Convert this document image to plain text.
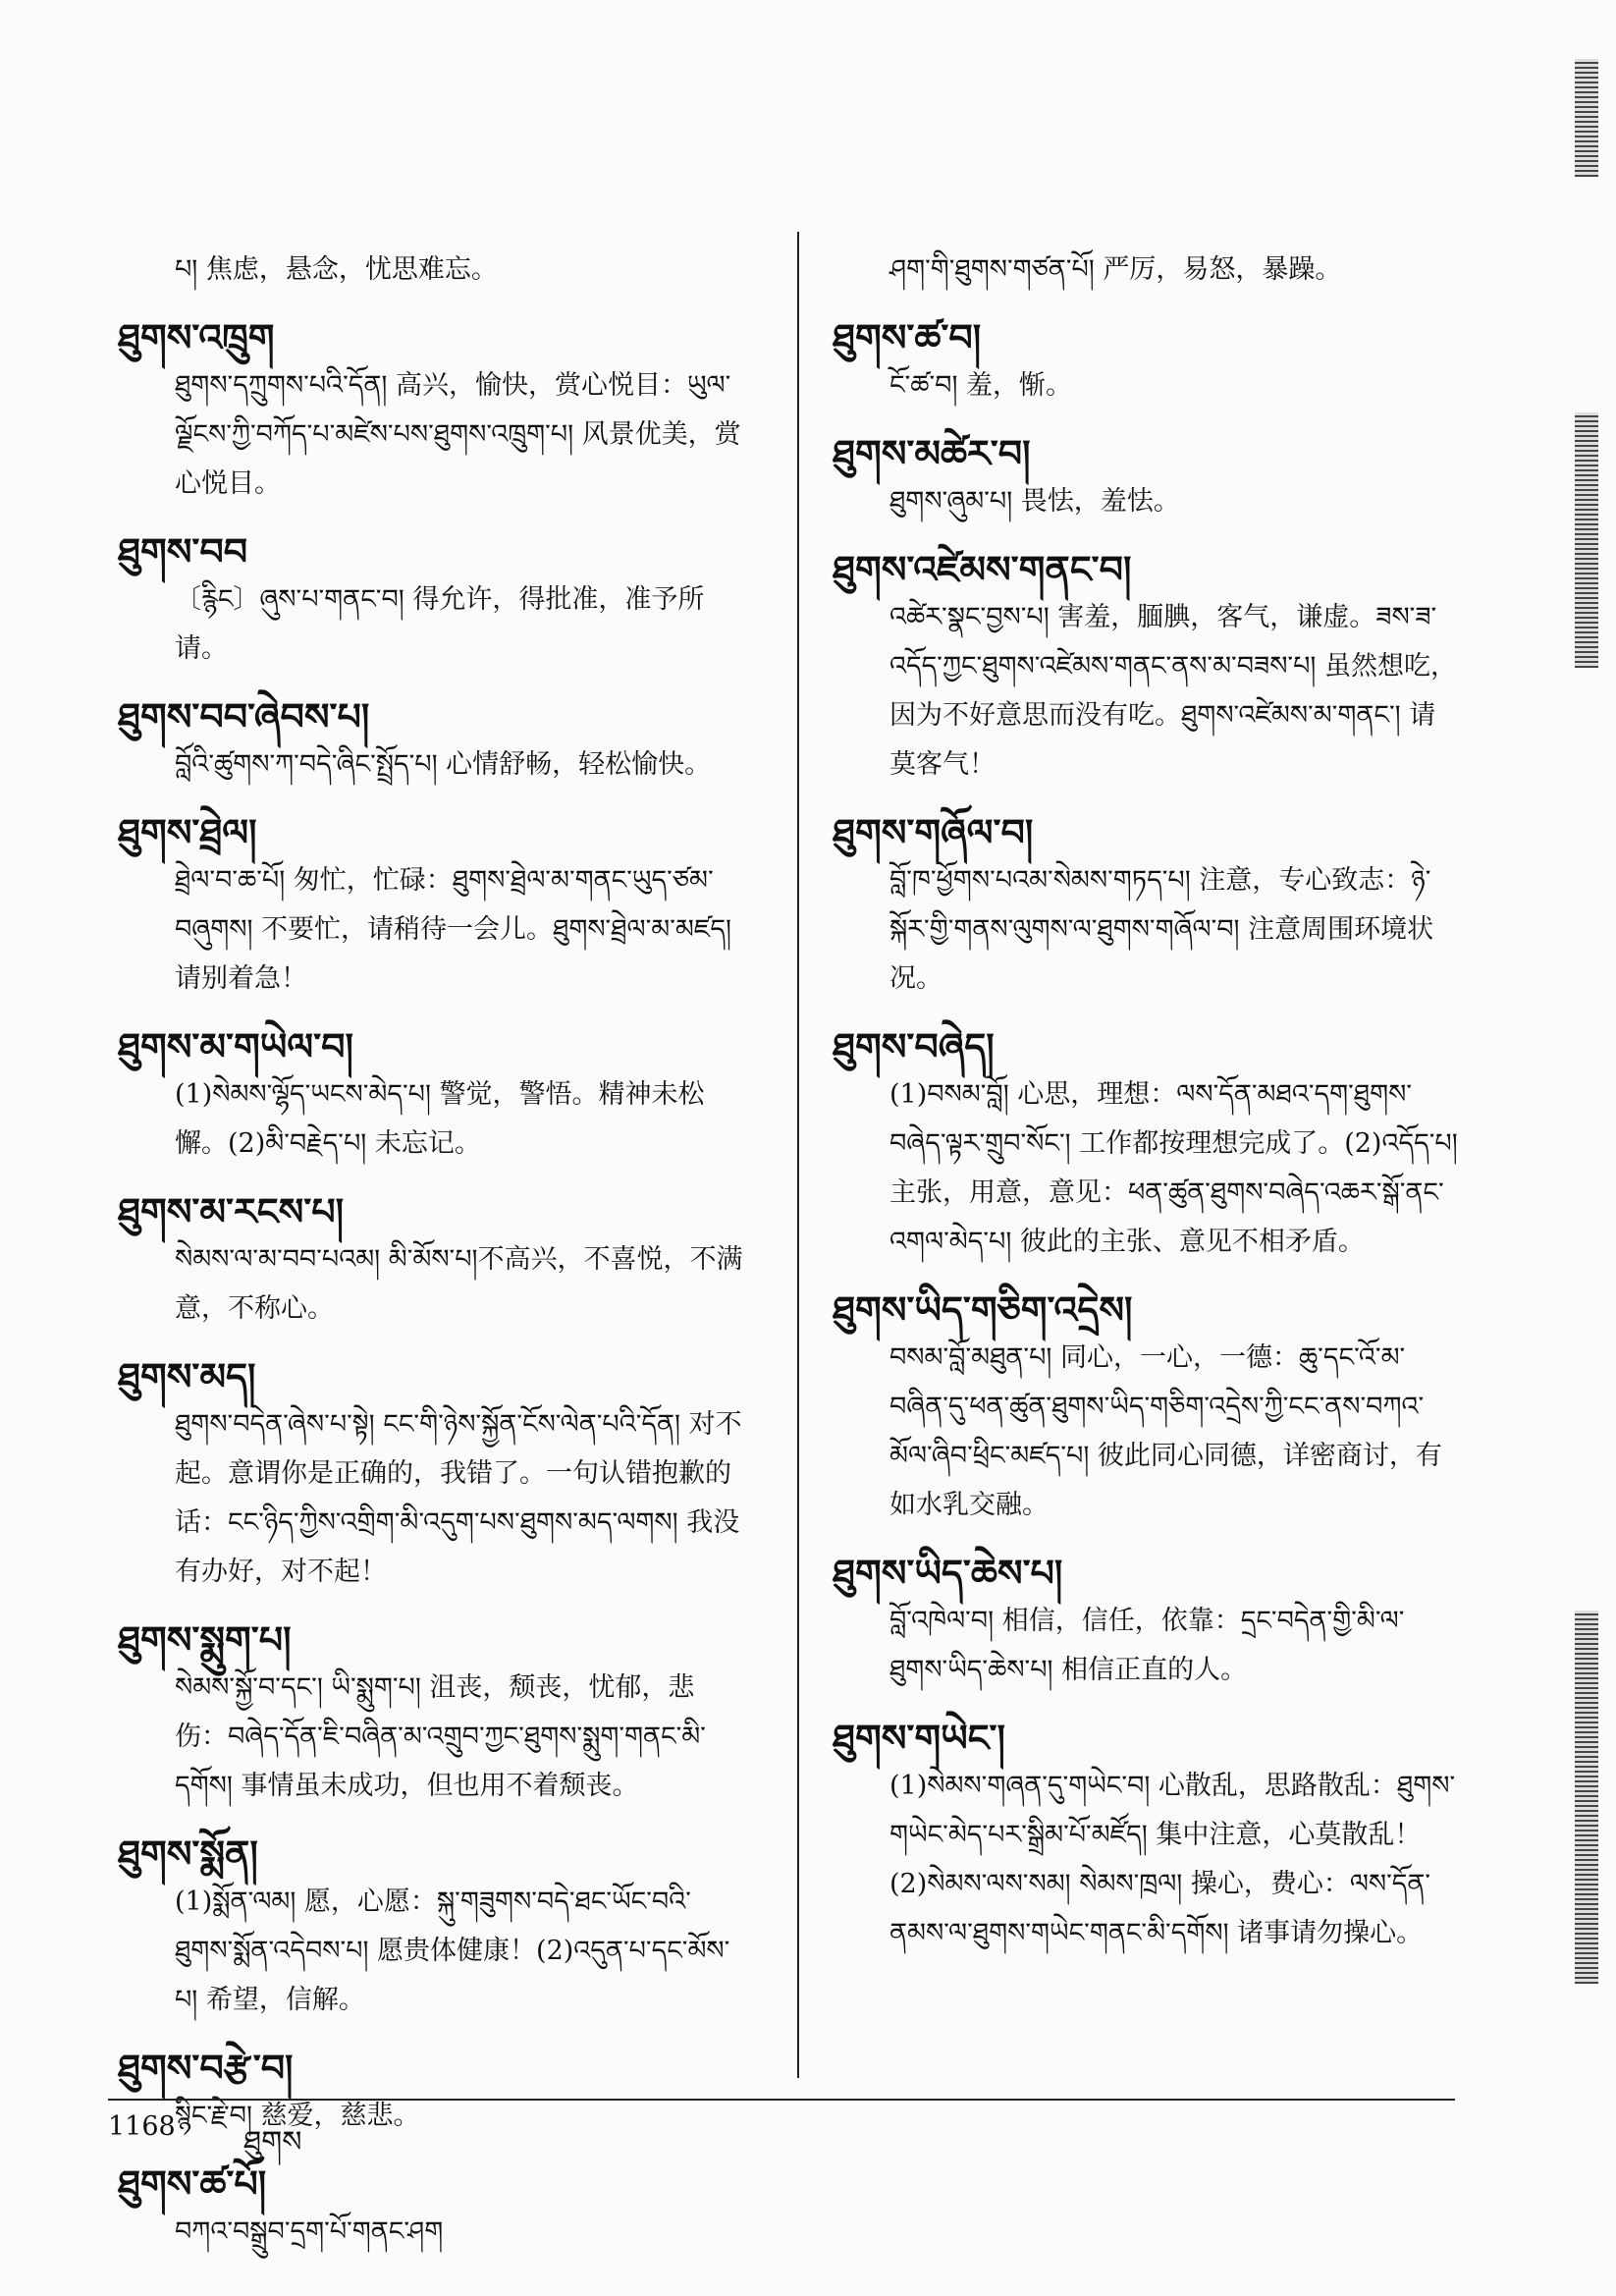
པ། 焦虑，悬念，忧思难忘。
ཐུགས་འཁྲུག
ཐུགས་དཀྲུགས་པའི་དོན། 高兴，愉快，赏心悦目：ཡུལ་ལྗོངས་ཀྱི་བཀོད་པ་མཛེས་པས་ཐུགས་འཁྲུག་པ། 风景优美，赏心悦目。
ཐུགས་བབ
〔རྙིང〕ཞུས་པ་གནང་བ། 得允许，得批准，准予所请。
ཐུགས་བབ་ཞེབས་པ།
བློའི་ཚུགས་ཀ་བདེ་ཞིང་སྤྲོད་པ། 心情舒畅，轻松愉快。
ཐུགས་ཐྲེལ།
ཐྲེལ་བ་ཆ་པོ། 匆忙，忙碌：ཐུགས་ཐྲེལ་མ་གནང་ཡུད་ཙམ་བཞུགས། 不要忙，请稍待一会儿。ཐུགས་ཐྲེལ་མ་མཛད། 请别着急！
ཐུགས་མ་གཡེལ་བ།
(1)སེམས་ལྷོད་ཡངས་མེད་པ། 警觉，警悟。精神未松懈。(2)མི་བརྗེད་པ། 未忘记。
ཐུགས་མ་རངས་པ།
སེམས་ལ་མ་བབ་པའམ། མི་མོས་པ།不高兴，不喜悦，不满意，不称心。
ཐུགས་མད།
ཐུགས་བདེན་ཞེས་པ་སྟེ། ངང་གི་ཉེས་སྐྱོན་ངོས་ལེན་པའི་དོན། 对不起。意谓你是正确的，我错了。一句认错抱歉的话：ངང་ཉིད་ཀྱིས་འགྲིག་མི་འདུག་པས་ཐུགས་མད་ལགས། 我没有办好，对不起！
ཐུགས་སྨུག་པ།
སེམས་སྐྱོ་བ་དང་། ཡི་སྨུག་པ། 沮丧，颓丧，忧郁，悲伤：བཞེད་དོན་ཇི་བཞིན་མ་འགྲུབ་ཀྱང་ཐུགས་སྨུག་གནང་མི་དགོས། 事情虽未成功，但也用不着颓丧。
ཐུགས་སྨོན།
(1)སྨོན་ལམ། 愿，心愿：སྐུ་གཟུགས་བདེ་ཐང་ཡོང་བའི་ཐུགས་སྨོན་འདེབས་པ། 愿贵体健康！(2)འདུན་པ་དང་མོས་པ། 希望，信解。
ཐུགས་བརྩེ་བ།
སྙིང་རྗེ་བ། 慈爱，慈悲。
ཐུགས་ཚ་པོ།
བཀའ་བསྒྲུབ་དྲག་པོ་གནང་ཤག
ཤག་གི་ཐུགས་གཙན་པོ། 严厉，易怒，暴躁。
ཐུགས་ཚ་བ།
ངོ་ཚ་བ། 羞，惭。
ཐུགས་མཚེར་བ།
ཐུགས་ཞུམ་པ། 畏怯，羞怯。
ཐུགས་འཛེམས་གནང་བ།
འཚེར་སྣང་བྱས་པ། 害羞，腼腆，客气，谦虚。ཟས་ཟ་འདོད་ཀྱང་ཐུགས་འཛེམས་གནང་ནས་མ་བཟས་པ། 虽然想吃，因为不好意思而没有吃。ཐུགས་འཛེམས་མ་གནང་། 请莫客气！
ཐུགས་གཞོལ་བ།
བློ་ཁ་ཕྱོགས་པའམ་སེམས་གཏད་པ། 注意，专心致志：ཉེ་སྐོར་གྱི་གནས་ལུགས་ལ་ཐུགས་གཞོལ་བ། 注意周围环境状况。
ཐུགས་བཞེད།
(1)བསམ་བློ། 心思，理想：ལས་དོན་མཐའ་དག་ཐུགས་བཞེད་ལྟར་གྲུབ་སོང་། 工作都按理想完成了。(2)འདོད་པ། 主张，用意，意见：ཕན་ཚུན་ཐུགས་བཞེད་འཆར་སྒོ་ནང་འགལ་མེད་པ། 彼此的主张、意见不相矛盾。
ཐུགས་ཡིད་གཅིག་འདྲེས།
བསམ་བློ་མཐུན་པ། 同心，一心，一德：ཆུ་དང་འོ་མ་བཞིན་དུ་ཕན་ཚུན་ཐུགས་ཡིད་གཅིག་འདྲེས་ཀྱི་ངང་ནས་བཀའ་མོལ་ཞིབ་ཕྲིང་མཛད་པ། 彼此同心同德，详密商讨，有如水乳交融。
ཐུགས་ཡིད་ཆེས་པ།
བློ་འཁེལ་བ། 相信，信任，依靠：དྲང་བདེན་གྱི་མི་ལ་ཐུགས་ཡིད་ཆེས་པ། 相信正直的人。
ཐུགས་གཡེང་།
(1)སེམས་གཞན་དུ་གཡེང་བ། 心散乱，思路散乱：ཐུགས་གཡེང་མེད་པར་སྒྲིམ་པོ་མཛོད། 集中注意，心莫散乱！(2)སེམས་ལས་སམ། སེམས་ཁྲལ། 操心，费心：ལས་དོན་ནམས་ལ་ཐུགས་གཡེང་གནང་མི་དགོས། 诸事请勿操心。
1168 ཐུགས
